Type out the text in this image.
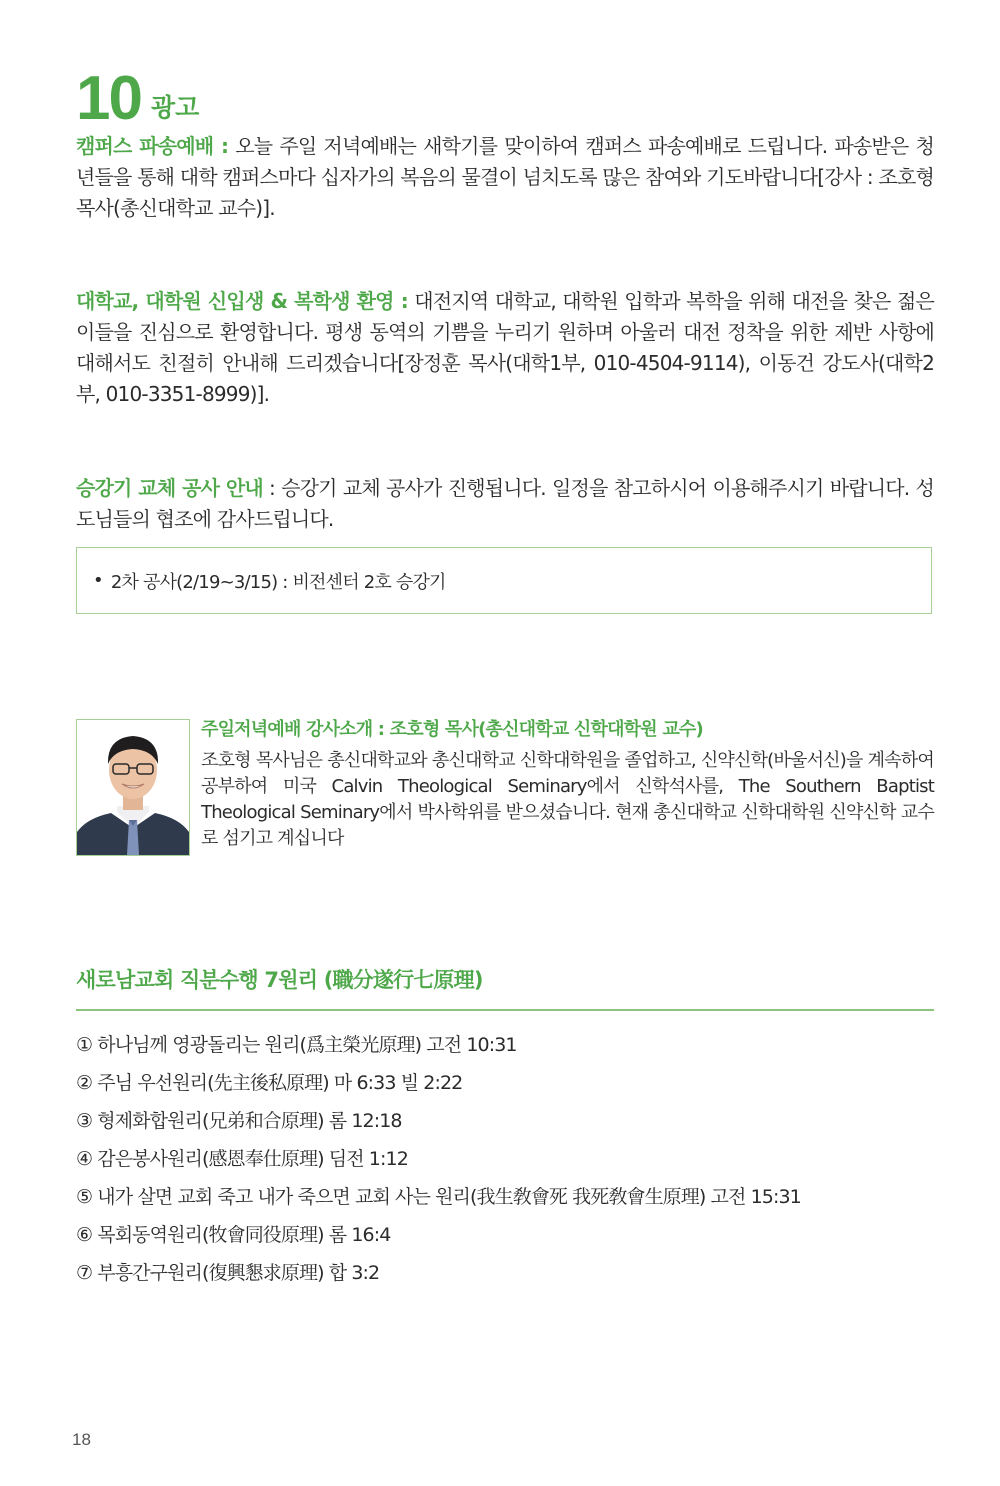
10 광고

캠퍼스 파송예배 : 오늘 주일 저녁예배는 새학기를 맞이하여 캠퍼스 파송예배로 드립니다. 파송받은 청년들을 통해 대학 캠퍼스마다 십자가의 복음의 물결이 넘치도록 많은 참여와 기도바랍니다[강사 : 조호형 목사(총신대학교 교수)].

대학교, 대학원 신입생 & 복학생 환영 : 대전지역 대학교, 대학원 입학과 복학을 위해 대전을 찾은 젊은이들을 진심으로 환영합니다. 평생 동역의 기쁨을 누리기 원하며 아울러 대전 정착을 위한 제반 사항에 대해서도 친절히 안내해 드리겠습니다[장정훈 목사(대학1부, 010-4504-9114), 이동건 강도사(대학2부, 010-3351-8999)].

승강기 교체 공사 안내 : 승강기 교체 공사가 진행됩니다. 일정을 참고하시어 이용해주시기 바랍니다. 성도님들의 협조에 감사드립니다.

• 2차 공사(2/19~3/15) : 비전센터 2호 승강기
주일저녁예배 강사소개 : 조호형 목사(총신대학교 신학대학원 교수)
조호형 목사님은 총신대학교와 총신대학교 신학대학원을 졸업하고, 신약신학(바울서신)을 계속하여 공부하여 미국 Calvin Theological Seminary에서 신학석사를, The Southern Baptist Theological Seminary에서 박사학위를 받으셨습니다. 현재 총신대학교 신학대학원 신약신학 교수로 섬기고 계십니다
새로남교회 직분수행 7원리 (職分遂行七原理)
① 하나님께 영광돌리는 원리(爲主榮光原理) 고전 10:31
② 주님 우선원리(先主後私原理) 마 6:33 빌 2:22
③ 형제화합원리(兄弟和合原理) 롬 12:18
④ 감은봉사원리(感恩奉仕原理) 딤전 1:12
⑤ 내가 살면 교회 죽고 내가 죽으면 교회 사는 원리(我生敎會死 我死敎會生原理) 고전 15:31
⑥ 목회동역원리(牧會同役原理) 롬 16:4
⑦ 부흥간구원리(復興懇求原理) 합 3:2
18
